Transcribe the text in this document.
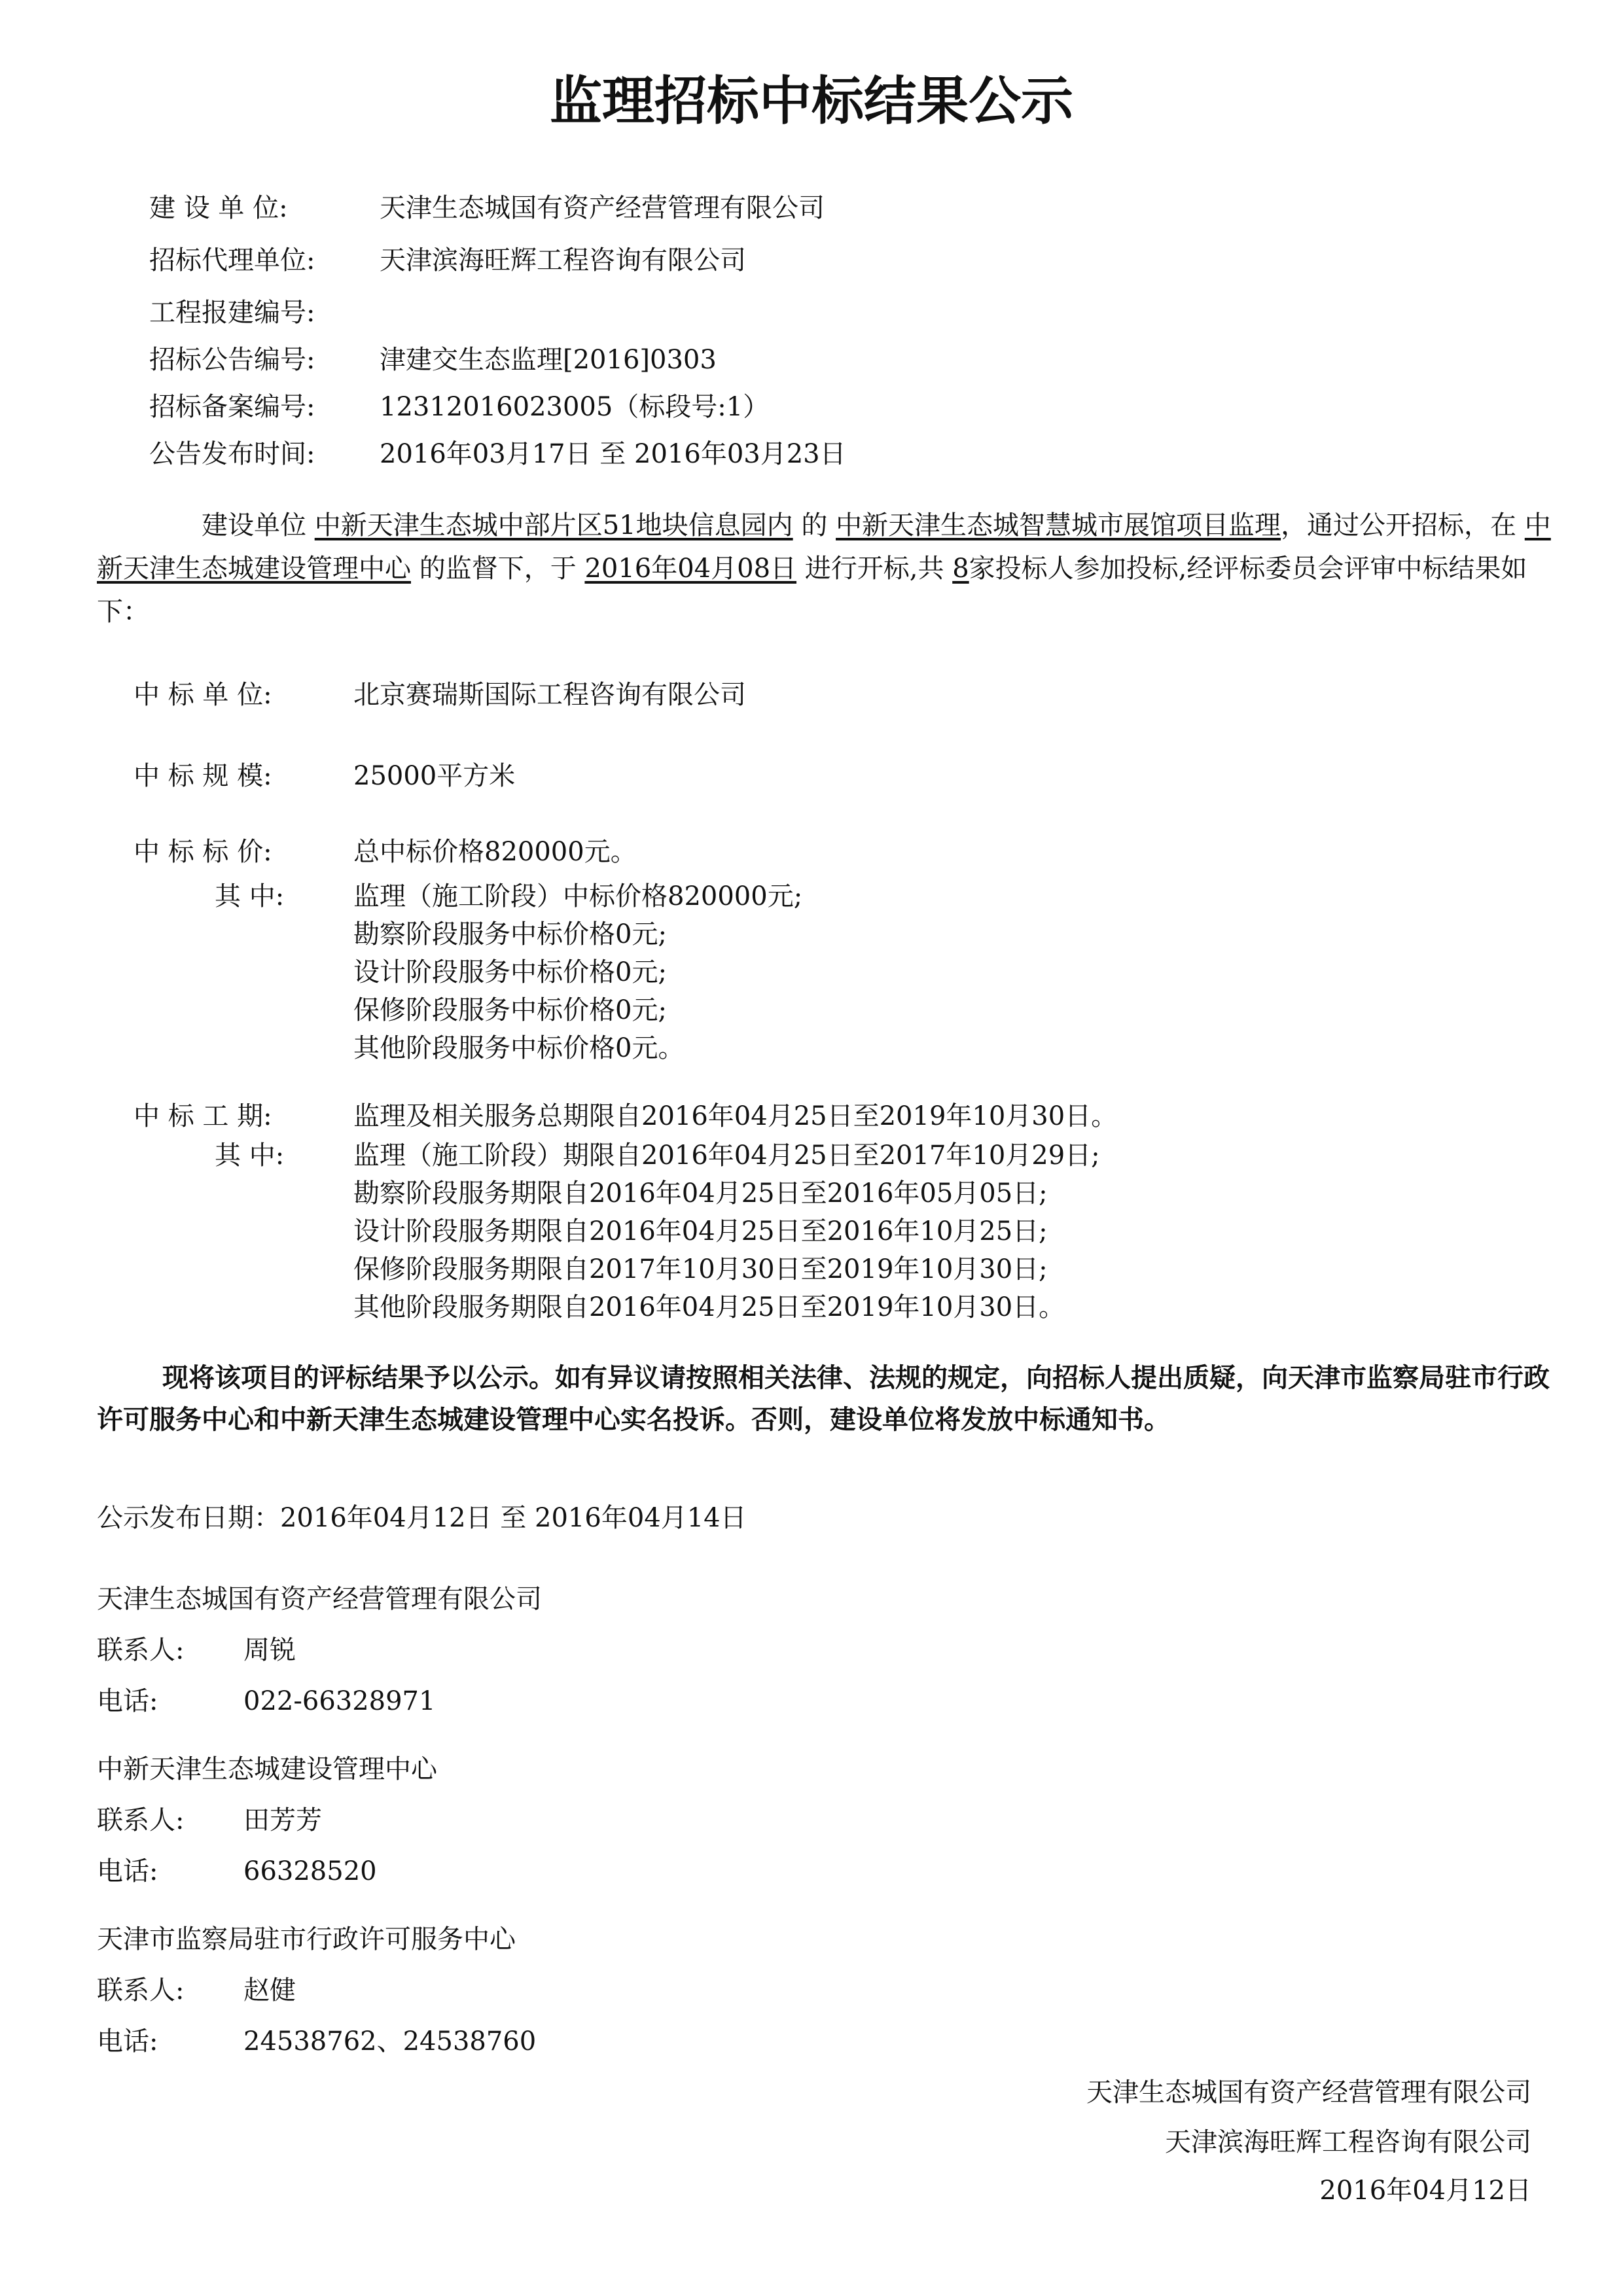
监理招标中标结果公示
建 设 单 位:	天津生态城国有资产经营管理有限公司
招标代理单位: 天津滨海旺辉工程咨询有限公司
工程报建编号:
招标公告编号: 津建交生态监理[2016]0303
招标备案编号: 12312016023005（标段号:1）
公告发布时间: 2016年03月17日 至 2016年03月23日
建设单位 中新天津生态城中部片区51地块信息园内 的 中新天津生态城智慧城市展馆项目监理，通过公开招标，在 中新天津生态城建设管理中心 的监督下，于 2016年04月08日 进行开标,共 8家投标人参加投标,经评标委员会评审中标结果如下：
中 标 单 位:	北京赛瑞斯国际工程咨询有限公司
中 标 规 模:	25000平方米
中 标 标 价:	总中标价格820000元。
其 中:	监理（施工阶段）中标价格820000元;
勘察阶段服务中标价格0元;
设计阶段服务中标价格0元;
保修阶段服务中标价格0元;
其他阶段服务中标价格0元。
中 标 工 期:	监理及相关服务总期限自2016年04月25日至2019年10月30日。
其 中:	监理（施工阶段）期限自2016年04月25日至2017年10月29日;
勘察阶段服务期限自2016年04月25日至2016年05月05日;
设计阶段服务期限自2016年04月25日至2016年10月25日;
保修阶段服务期限自2017年10月30日至2019年10月30日;
其他阶段服务期限自2016年04月25日至2019年10月30日。
现将该项目的评标结果予以公示。如有异议请按照相关法律、法规的规定，向招标人提出质疑，向天津市监察局驻市行政许可服务中心和中新天津生态城建设管理中心实名投诉。否则，建设单位将发放中标通知书。
公示发布日期：2016年04月12日 至 2016年04月14日
天津生态城国有资产经营管理有限公司
联系人: 周锐
电话:	022-66328971
中新天津生态城建设管理中心
联系人: 田芳芳
电话:	66328520
天津市监察局驻市行政许可服务中心
联系人: 赵健
电话:	24538762、24538760
天津生态城国有资产经营管理有限公司
天津滨海旺辉工程咨询有限公司
2016年04月12日
